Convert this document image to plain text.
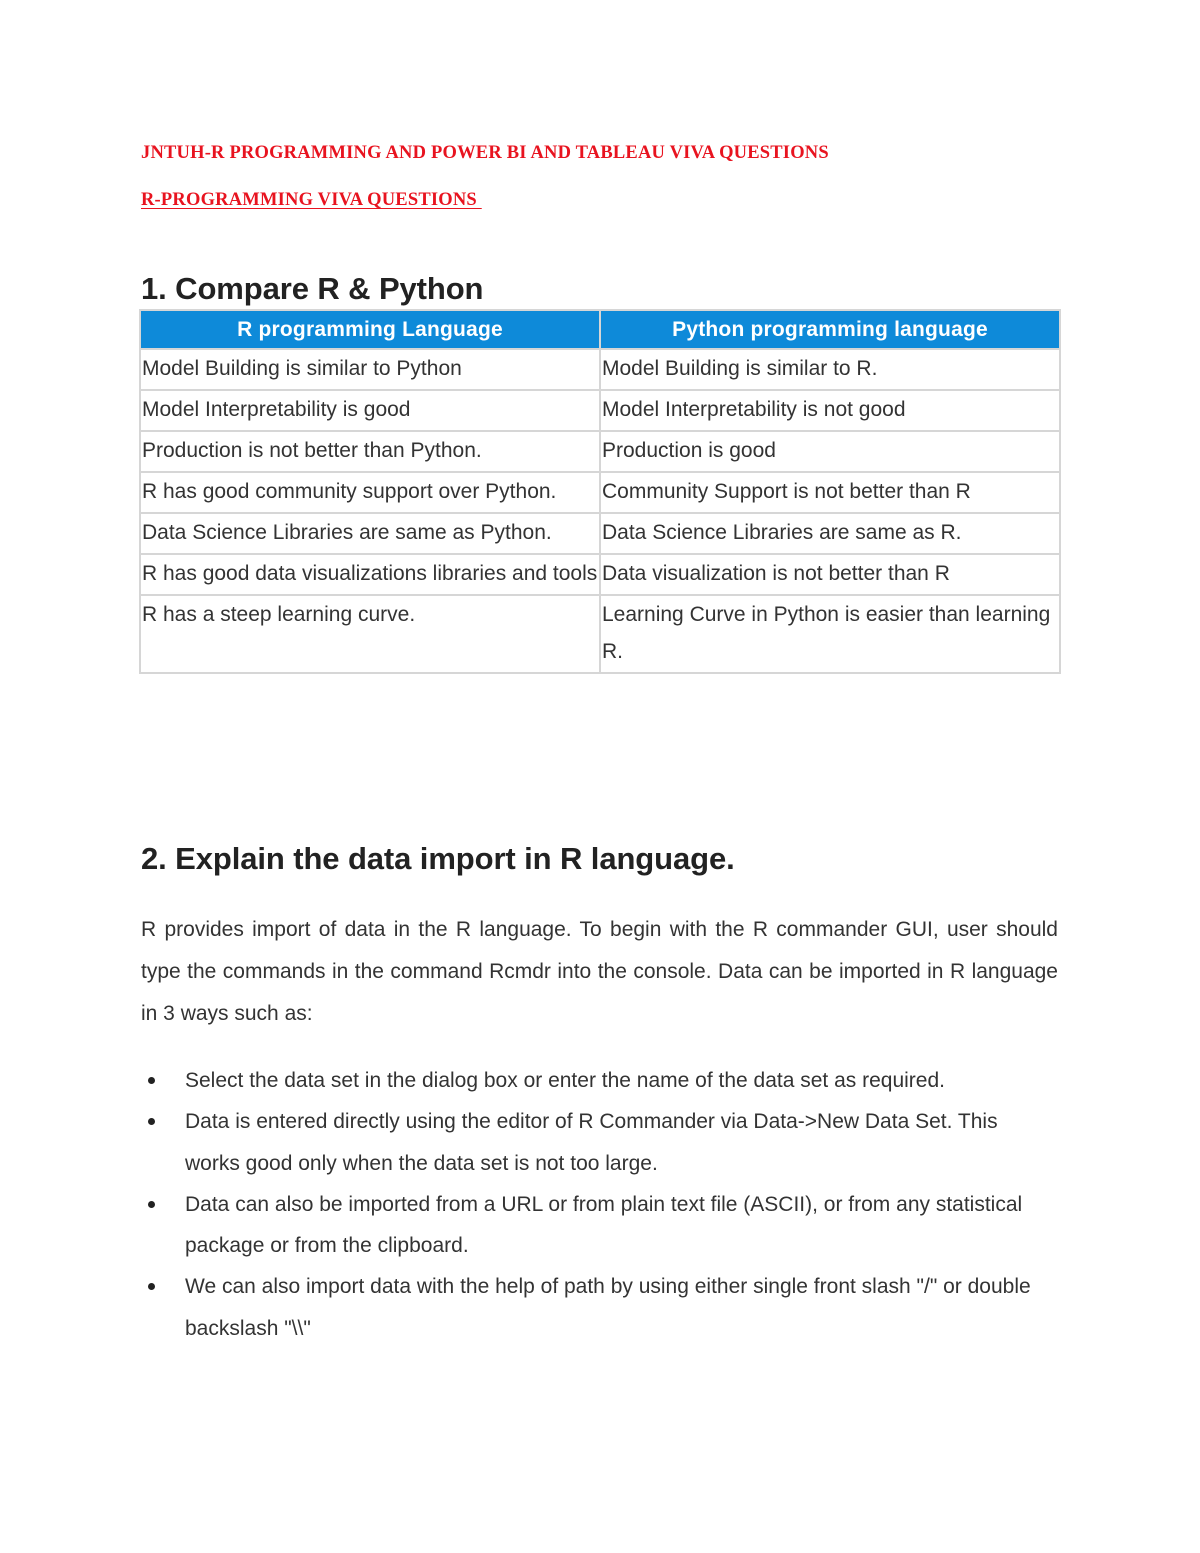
JNTUH-R PROGRAMMING AND POWER BI AND TABLEAU VIVA QUESTIONS

R-PROGRAMMING VIVA QUESTIONS

1. Compare R & Python
R programming Language	Python programming language
Model Building is similar to Python	Model Building is similar to R.
Model Interpretability is good	Model Interpretability is not good
Production is not better than Python.	Production is good
R has good community support over Python.	Community Support is not better than R
Data Science Libraries are same as Python.	Data Science Libraries are same as R.
R has good data visualizations libraries and tools	Data visualization is not better than R
R has a steep learning curve.	Learning Curve in Python is easier than learning R.
2. Explain the data import in R language.

R provides import of data in the R language. To begin with the R commander GUI, user should type the commands in the command Rcmdr into the console. Data can be imported in R language in 3 ways such as:

Select the data set in the dialog box or enter the name of the data set as required.
Data is entered directly using the editor of R Commander via Data->New Data Set. This works good only when the data set is not too large.
Data can also be imported from a URL or from plain text file (ASCII), or from any statistical package or from the clipboard.
We can also import data with the help of path by using either single front slash "/" or double backslash "\\"
